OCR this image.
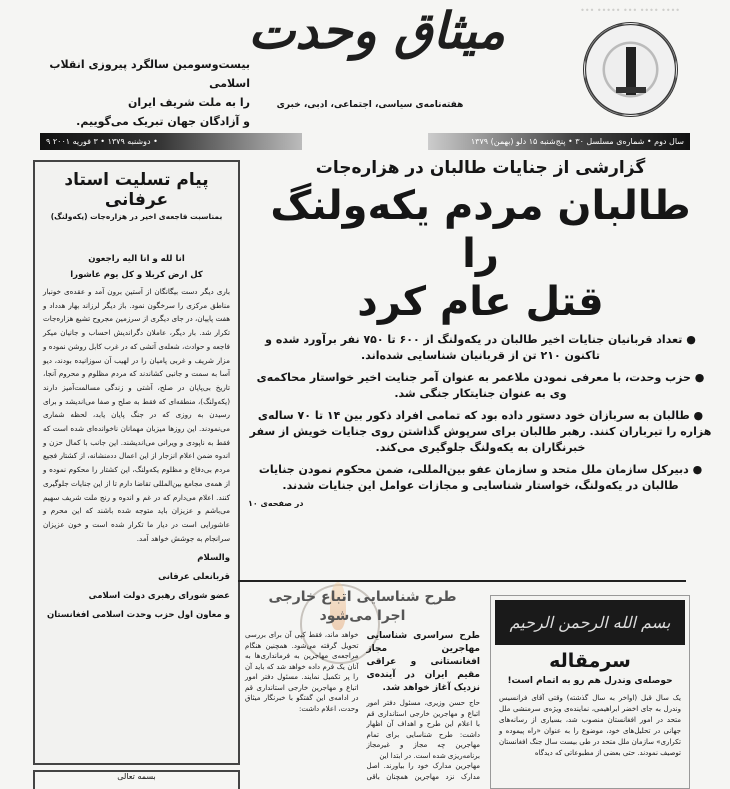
•••• •••• ••• ••••• •••
میثاق وحدت
هفته‌نامه‌ی سیاسی، اجتماعی، ادبی، خبری
بیست‌و‌سومین سالگرد پیروزی انقلاب اسلامی
را به ملت شریف ایران
و آزادگان جهان تبریک می‌گوییم.
۹ دوشنبه ۱۳۷۹ • ۳ فوریه ۲۰۰۱ •	سال دوم • شماره‌ی مسلسل ۳۰ • پنج‌شنبه ۱۵ دلو (بهمن) ۱۳۷۹
پیام تسلیت استاد عرفانی
بمناسبت فاجعه‌ی اخیر در هزاره‌جات (یکه‌ولنگ)
انا لله و انا الیه راجعون
کل ارض کربلا و کل یوم عاشورا
باری دیگر دست بیگانگان از آستین برون آمد و عقده‌ی خونبار مناطق مرکزی را سرخگون نمود. باز دیگر لرزاند بهار هدداد و هفت پاییان، در جای دیگری از سرزمین مجروح تشیع هزاره‌جات تکرار شد. بار دیگر، عاملان دگراندیش احساب و جانیان میکر فاجعه و حوادث، شعله‌ی آتشی که در غرب کابل روشن نموده و مزار شریف و غربی پامیان را در لهیب آن سوزانیده بودند، دیو آسا به سمت و جانبی کشاندند که مردم مظلوم و محروم آنجا، تاریخ بی‌پایان در صلح، آشتی و زندگی مسالمت‌آمیز دارند (یکه‌ولنگ)، منطقه‌ای که فقط به صلح و صفا می‌اندیشد و برای رسیدن به روزی که در جنگ پایان یابد، لحظه شماری می‌نمودند. این روزها میزبان مهمانان ناخوانده‌ای شده است که فقط به ناپودی و ویرانی می‌اندیشند. این جانب با کمال حزن و اندوه ضمن اعلام انزجار از این اعمال ددمنشانه، از کشتار فجیع مردم بی‌دفاع و مظلوم یکه‌ولنگ، این کشتار را محکوم نموده و از همه‌ی مجامع بین‌المللی تقاضا دارم تا از این جنایات جلوگیری کنند. اعلام می‌دارم که در غم و اندوه و رنج ملت شریف سهیم می‌باشم و عزیزان باید متوجه شده باشند که این محرم و عاشورایی است در دیار ما تکرار شده است و خون عزیزان سرانجام به جوشش خواهد آمد.
والسلام
قربانعلی عرفانی
عضو شورای رهبری دولت اسلامی
و معاون اول حزب وحدت اسلامی افغانستان
بسمه تعالی
گزارشی از جنایات طالبان در هزاره‌جات
طالبان مردم یکه‌ولنگ را
قتل عام کرد
● تعداد قربانیان جنایات اخیر طالبان در یکه‌ولنگ از ۶۰۰ تا ۷۵۰ نفر برآورد شده و تاکنون ۲۱۰ تن از قربانیان شناسایی شده‌اند.
● حزب وحدت، با معرفی نمودن ملاعمر به عنوان آمر جنایت اخیر خواستار محاکمه‌ی وی به عنوان جنایتکار جنگی شد.
● طالبان به سربازان خود دستور داده بود که تمامی افراد ذکور بین ۱۴ تا ۷۰ ساله‌ی هزاره را تیرباران کنند. رهبر طالبان برای سرپوش گذاشتن روی جنایات خویش از سفر خبرنگاران به یکه‌ولنگ جلوگیری می‌کند.
● دبیرکل سازمان ملل متحد و سازمان عفو بین‌المللی، ضمن محکوم نمودن جنایات طالبان در یکه‌ولنگ، خواستار شناسایی و مجازات عوامل این جنایات شدند.
در صفحه‌ی ۱۰
طرح شناسایی اتباع خارجی
اجرا می‌شود
طرح سراسری شناسایی مهاجرین مجاز افغانستانی و عراقی مقیم ایران در آینده‌ی نزدیک آغاز خواهد شد.
حاج حسن وزیری، مسئول دفتر امور اتباع و مهاجرین خارجی استانداری قم با اعلام این طرح و اهداف آن اظهار داشت: طرح شناسایی برای تمام مهاجرین چه مجاز و غیرمجاز برنامه‌ریزی شده است. در ابتدا این
مهاجرین مدارک خود را بیاورند. اصل مدارک نزد مهاجرین همچنان باقی خواهد ماند، فقط کپی آن برای بررسی تحویل گرفته می‌شود. همچنین هنگام مراجعه‌ی مهاجرین به فرمانداری‌ها به آنان یک فرم داده خواهد شد که باید آن را پر تکمیل نمایند. مسئول دفتر امور اتباع و مهاجرین خارجی استانداری قم در ادامه‌ی این گفتگو با خبرنگار میثاق وحدت، اعلام داشت:
بسم الله الرحمن الرحیم
سرمقاله
حوصله‌ی وندرل هم رو به اتمام است!
یک سال قبل (اواخر به سال گذشته) وقتی آقای فرانسیس وندرل به جای اخضر ابراهیمی، نماینده‌ی ویژه‌ی سرمنشی ملل متحد در امور افغانستان منصوب شد، بسیاری از رسانه‌های جهانی در تحلیل‌های خود، موضوع را به عنوان «راه پیموده و تکراری» سازمان ملل متحد در طی بیست سال جنگ افغانستان توصیف نمودند. حتی بعضی از مطبوعاتی که دیدگاه
